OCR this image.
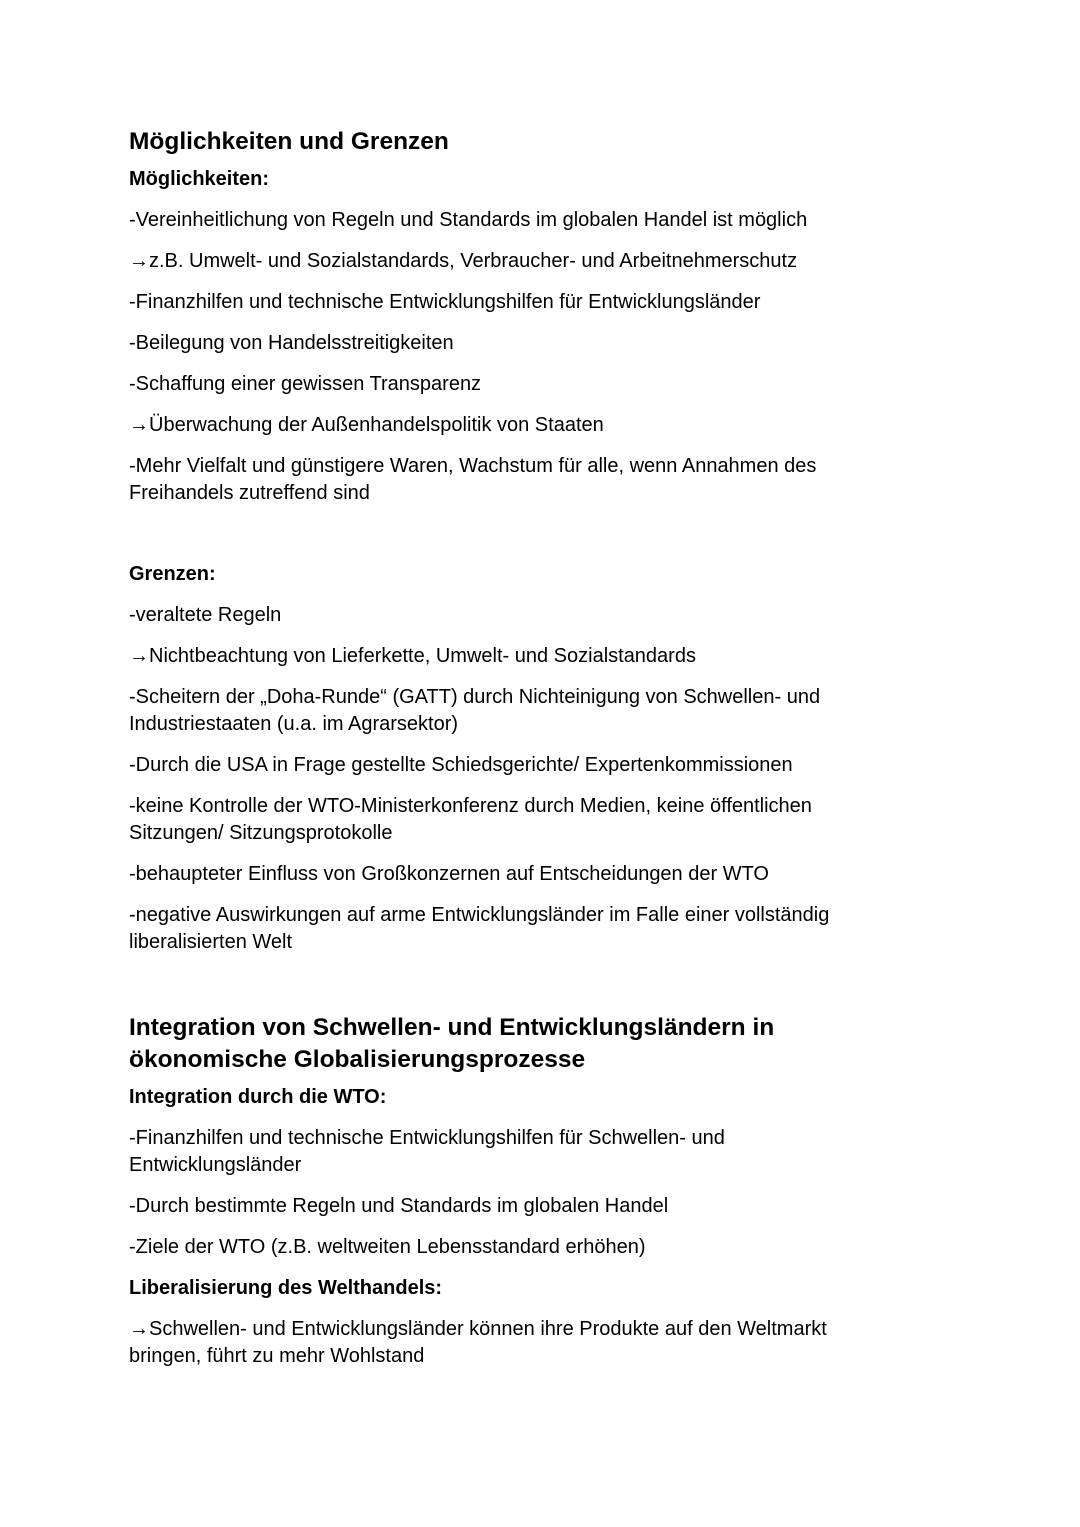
Möglichkeiten und Grenzen
Möglichkeiten:

-Vereinheitlichung von Regeln und Standards im globalen Handel ist möglich

→z.B. Umwelt- und Sozialstandards, Verbraucher- und Arbeitnehmerschutz

-Finanzhilfen und technische Entwicklungshilfen für Entwicklungsländer

-Beilegung von Handelsstreitigkeiten

-Schaffung einer gewissen Transparenz

→Überwachung der Außenhandelspolitik von Staaten

-Mehr Vielfalt und günstigere Waren, Wachstum für alle, wenn Annahmen des Freihandels zutreffend sind

Grenzen:

-veraltete Regeln

→Nichtbeachtung von Lieferkette, Umwelt- und Sozialstandards

-Scheitern der „Doha-Runde“ (GATT) durch Nichteinigung von Schwellen- und Industriestaaten (u.a. im Agrarsektor)

-Durch die USA in Frage gestellte Schiedsgerichte/ Expertenkommissionen

-keine Kontrolle der WTO-Ministerkonferenz durch Medien, keine öffentlichen Sitzungen/ Sitzungsprotokolle

-behaupteter Einfluss von Großkonzernen auf Entscheidungen der WTO

-negative Auswirkungen auf arme Entwicklungsländer im Falle einer vollständig liberalisierten Welt

Integration von Schwellen- und Entwicklungsländern in ökonomische Globalisierungsprozesse
Integration durch die WTO:

-Finanzhilfen und technische Entwicklungshilfen für Schwellen- und Entwicklungsländer

-Durch bestimmte Regeln und Standards im globalen Handel

-Ziele der WTO (z.B. weltweiten Lebensstandard erhöhen)

Liberalisierung des Welthandels:

→Schwellen- und Entwicklungsländer können ihre Produkte auf den Weltmarkt bringen, führt zu mehr Wohlstand
